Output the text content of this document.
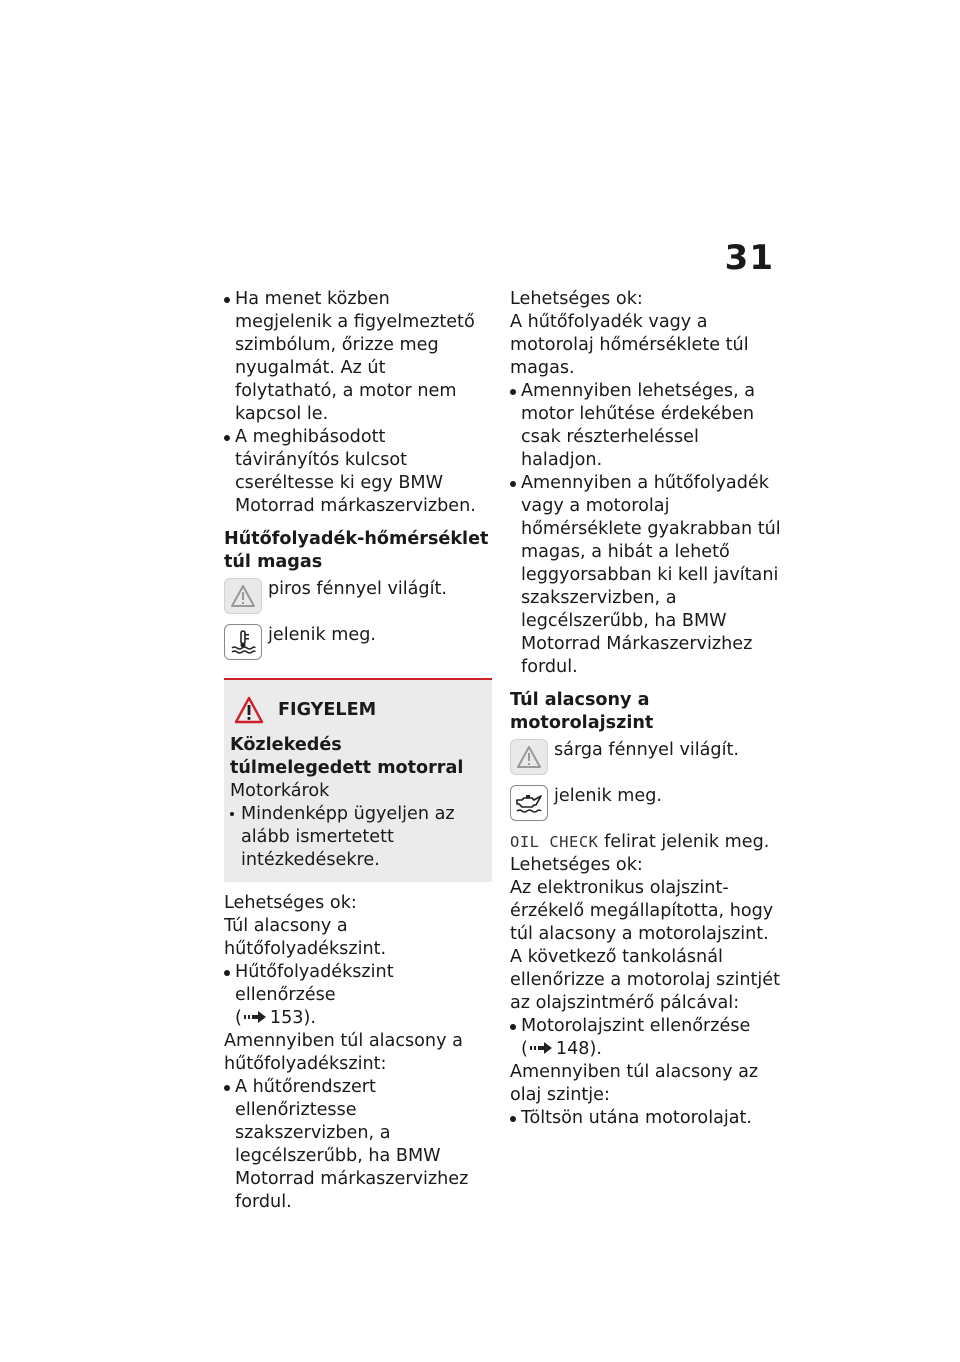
31
Ha menet közben megjelenik a figyelmeztető szimbólum, őrizze meg nyugalmát. Az út folytatható, a motor nem kapcsol le.
A meghibásodott távirányítós kulcsot cseréltesse ki egy BMW Motorrad márkaszervizben.

Hűtőfolyadék-hőmérséklet túl magas

piros fénnyel világít.

jelenik meg.

FIGYELEM

Közlekedés túlmelegedett motorral

Motorkárok

Mindenképp ügyeljen az alább ismertetett intézkedésekre.

Lehetséges ok:

Túl alacsony a hűtőfolyadékszint.

Hűtőfolyadékszint ellenőrzése
( 153).

Amennyiben túl alacsony a hűtőfolyadékszint:

A hűtőrendszert ellenőriztesse szakszervizben, a legcélszerűbb, ha BMW Motorrad márkaszervizhez fordul.

Lehetséges ok:

A hűtőfolyadék vagy a motorolaj hőmérséklete túl magas.

Amennyiben lehetséges, a motor lehűtése érdekében csak részterheléssel haladjon.
Amennyiben a hűtőfolyadék vagy a motorolaj hőmérséklete gyakrabban túl magas, a hibát a lehető leggyorsabban ki kell javítani szakszervizben, a legcélszerűbb, ha BMW Motorrad Márkaszervizhez fordul.

Túl alacsony a motorolajszint

sárga fénnyel világít.

jelenik meg.

OIL CHECK felirat jelenik meg.

Lehetséges ok:

Az elektronikus olajszint-érzékelő megállapította, hogy túl alacsony a motorolajszint. A következő tankolásnál ellenőrizze a motorolaj szintjét az olajszintmérő pálcával:

Motorolajszint ellenőrzése
( 148).

Amennyiben túl alacsony az olaj szintje:

Töltsön utána motorolajat.
